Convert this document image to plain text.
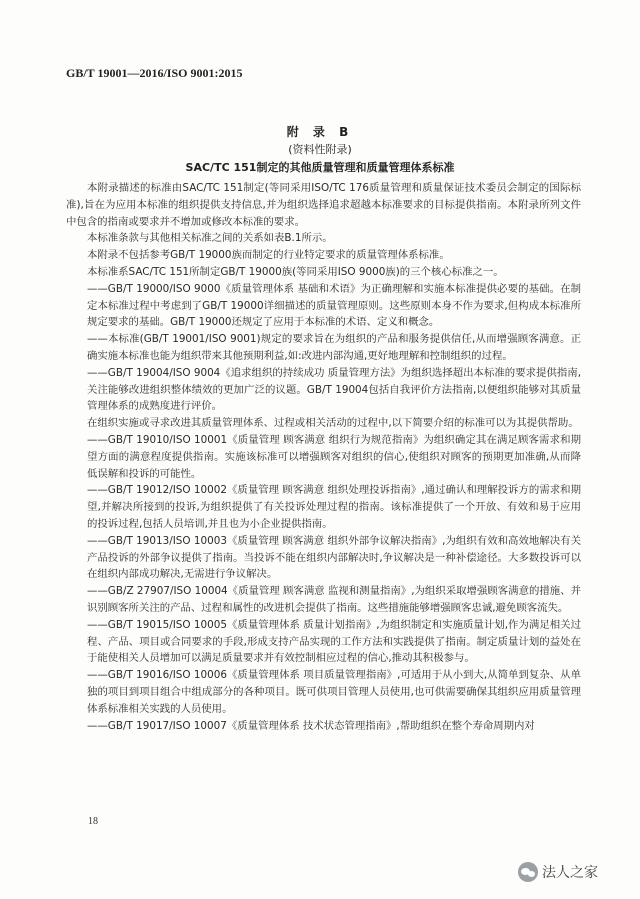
GB/T 19001—2016/ISO 9001:2015
附 录 B
(资料性附录)
SAC/TC 151制定的其他质量管理和质量管理体系标准

本附录描述的标准由SAC/TC 151制定(等同采用ISO/TC 176质量管理和质量保证技术委员会制定的国际标准),旨在为应用本标准的组织提供支持信息,并为组织选择追求超越本标准要求的目标提供指南。本附录所列文件中包含的指南或要求并不增加或修改本标准的要求。

本标准条款与其他相关标准之间的关系如表B.1所示。

本附录不包括参考GB/T 19000族而制定的行业特定要求的质量管理体系标准。

本标准系SAC/TC 151所制定GB/T 19000族(等同采用ISO 9000族)的三个核心标准之一。

——GB/T 19000/ISO 9000《质量管理体系 基础和术语》为正确理解和实施本标准提供必要的基础。在制定本标准过程中考虑到了GB/T 19000详细描述的质量管理原则。这些原则本身不作为要求,但构成本标准所规定要求的基础。GB/T 19000还规定了应用于本标准的术语、定义和概念。

——本标准(GB/T 19001/ISO 9001)规定的要求旨在为组织的产品和服务提供信任,从而增强顾客满意。正确实施本标准也能为组织带来其他预期利益,如:改进内部沟通,更好地理解和控制组织的过程。

——GB/T 19004/ISO 9004《追求组织的持续成功 质量管理方法》为组织选择超出本标准的要求提供指南,关注能够改进组织整体绩效的更加广泛的议题。GB/T 19004包括自我评价方法指南,以便组织能够对其质量管理体系的成熟度进行评价。

在组织实施或寻求改进其质量管理体系、过程或相关活动的过程中,以下简要介绍的标准可以为其提供帮助。

——GB/T 19010/ISO 10001《质量管理 顾客满意 组织行为规范指南》为组织确定其在满足顾客需求和期望方面的满意程度提供指南。实施该标准可以增强顾客对组织的信心,使组织对顾客的预期更加准确,从而降低误解和投诉的可能性。

——GB/T 19012/ISO 10002《质量管理 顾客满意 组织处理投诉指南》,通过确认和理解投诉方的需求和期望,并解决所接到的投诉,为组织提供了有关投诉处理过程的指南。该标准提供了一个开放、有效和易于应用的投诉过程,包括人员培训,并且也为小企业提供指南。

——GB/T 19013/ISO 10003《质量管理 顾客满意 组织外部争议解决指南》,为组织有效和高效地解决有关产品投诉的外部争议提供了指南。当投诉不能在组织内部解决时,争议解决是一种补偿途径。大多数投诉可以在组织内部成功解决,无需进行争议解决。

——GB/Z 27907/ISO 10004《质量管理 顾客满意 监视和测量指南》,为组织采取增强顾客满意的措施、并识别顾客所关注的产品、过程和属性的改进机会提供了指南。这些措施能够增强顾客忠诚,避免顾客流失。

——GB/T 19015/ISO 10005《质量管理体系 质量计划指南》,为组织制定和实施质量计划,作为满足相关过程、产品、项目或合同要求的手段,形成支持产品实现的工作方法和实践提供了指南。制定质量计划的益处在于能使相关人员增加可以满足质量要求并有效控制相应过程的信心,推动其积极参与。

——GB/T 19016/ISO 10006《质量管理体系 项目质量管理指南》,可适用于从小到大,从简单到复杂、从单独的项目到项目组合中组成部分的各种项目。既可供项目管理人员使用,也可供需要确保其组织应用质量管理体系标准相关实践的人员使用。

——GB/T 19017/ISO 10007《质量管理体系 技术状态管理指南》,帮助组织在整个寿命周期内对

18
法人之家
